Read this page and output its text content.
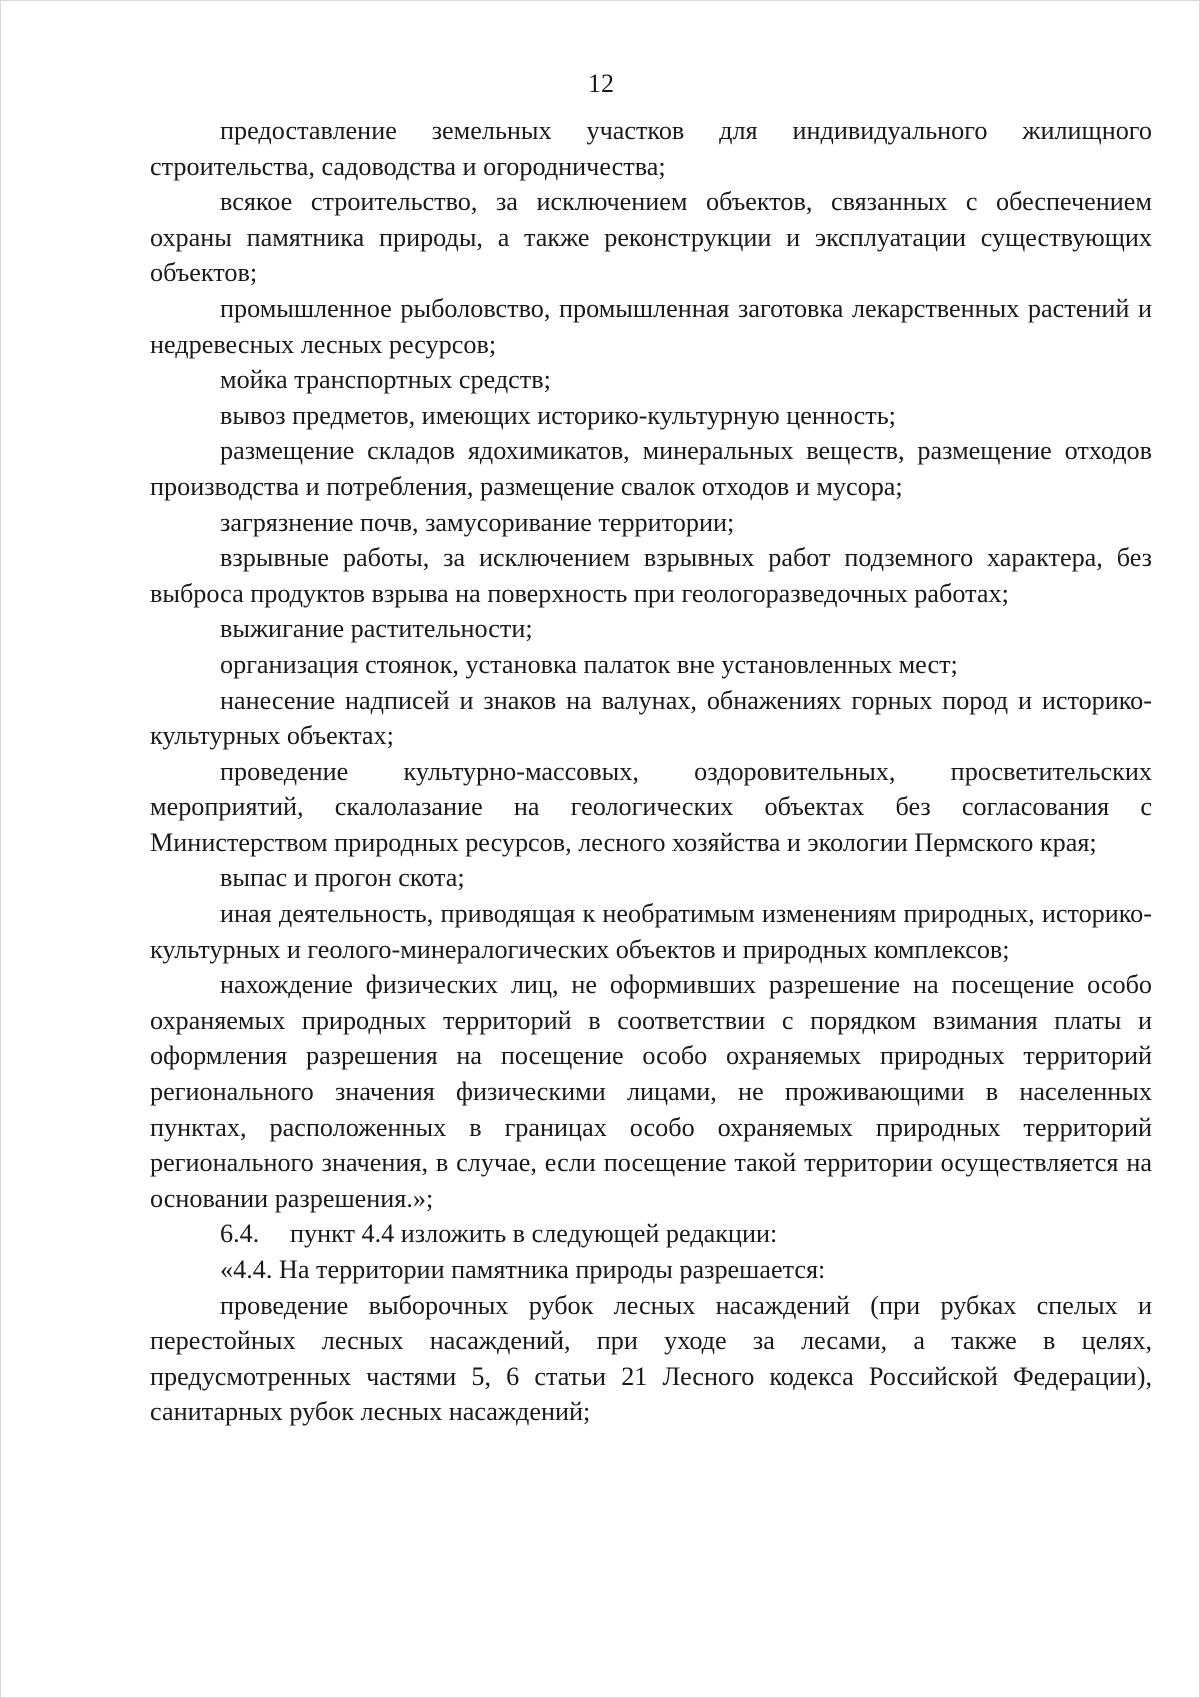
12

предоставление земельных участков для индивидуального жилищного строительства, садоводства и огородничества;

всякое строительство, за исключением объектов, связанных с обеспечением охраны памятника природы, а также реконструкции и эксплуатации существующих объектов;

промышленное рыболовство, промышленная заготовка лекарственных растений и недревесных лесных ресурсов;

мойка транспортных средств;

вывоз предметов, имеющих историко-культурную ценность;

размещение складов ядохимикатов, минеральных веществ, размещение отходов производства и потребления, размещение свалок отходов и мусора;

загрязнение почв, замусоривание территории;

взрывные работы, за исключением взрывных работ подземного характера, без выброса продуктов взрыва на поверхность при геологоразведочных работах;

выжигание растительности;

организация стоянок, установка палаток вне установленных мест;

нанесение надписей и знаков на валунах, обнажениях горных пород и историко-культурных объектах;

проведение культурно-массовых, оздоровительных, просветительских мероприятий, скалолазание на геологических объектах без согласования с Министерством природных ресурсов, лесного хозяйства и экологии Пермского края;

выпас и прогон скота;

иная деятельность, приводящая к необратимым изменениям природных, историко-культурных и геолого-минералогических объектов и природных комплексов;

нахождение физических лиц, не оформивших разрешение на посещение особо охраняемых природных территорий в соответствии с порядком взимания платы и оформления разрешения на посещение особо охраняемых природных территорий регионального значения физическими лицами, не проживающими в населенных пунктах, расположенных в границах особо охраняемых природных территорий регионального значения, в случае, если посещение такой территории осуществляется на основании разрешения.»;

6.4. пункт 4.4 изложить в следующей редакции:

«4.4. На территории памятника природы разрешается:

проведение выборочных рубок лесных насаждений (при рубках спелых и перестойных лесных насаждений, при уходе за лесами, а также в целях, предусмотренных частями 5, 6 статьи 21 Лесного кодекса Российской Федерации), санитарных рубок лесных насаждений;
